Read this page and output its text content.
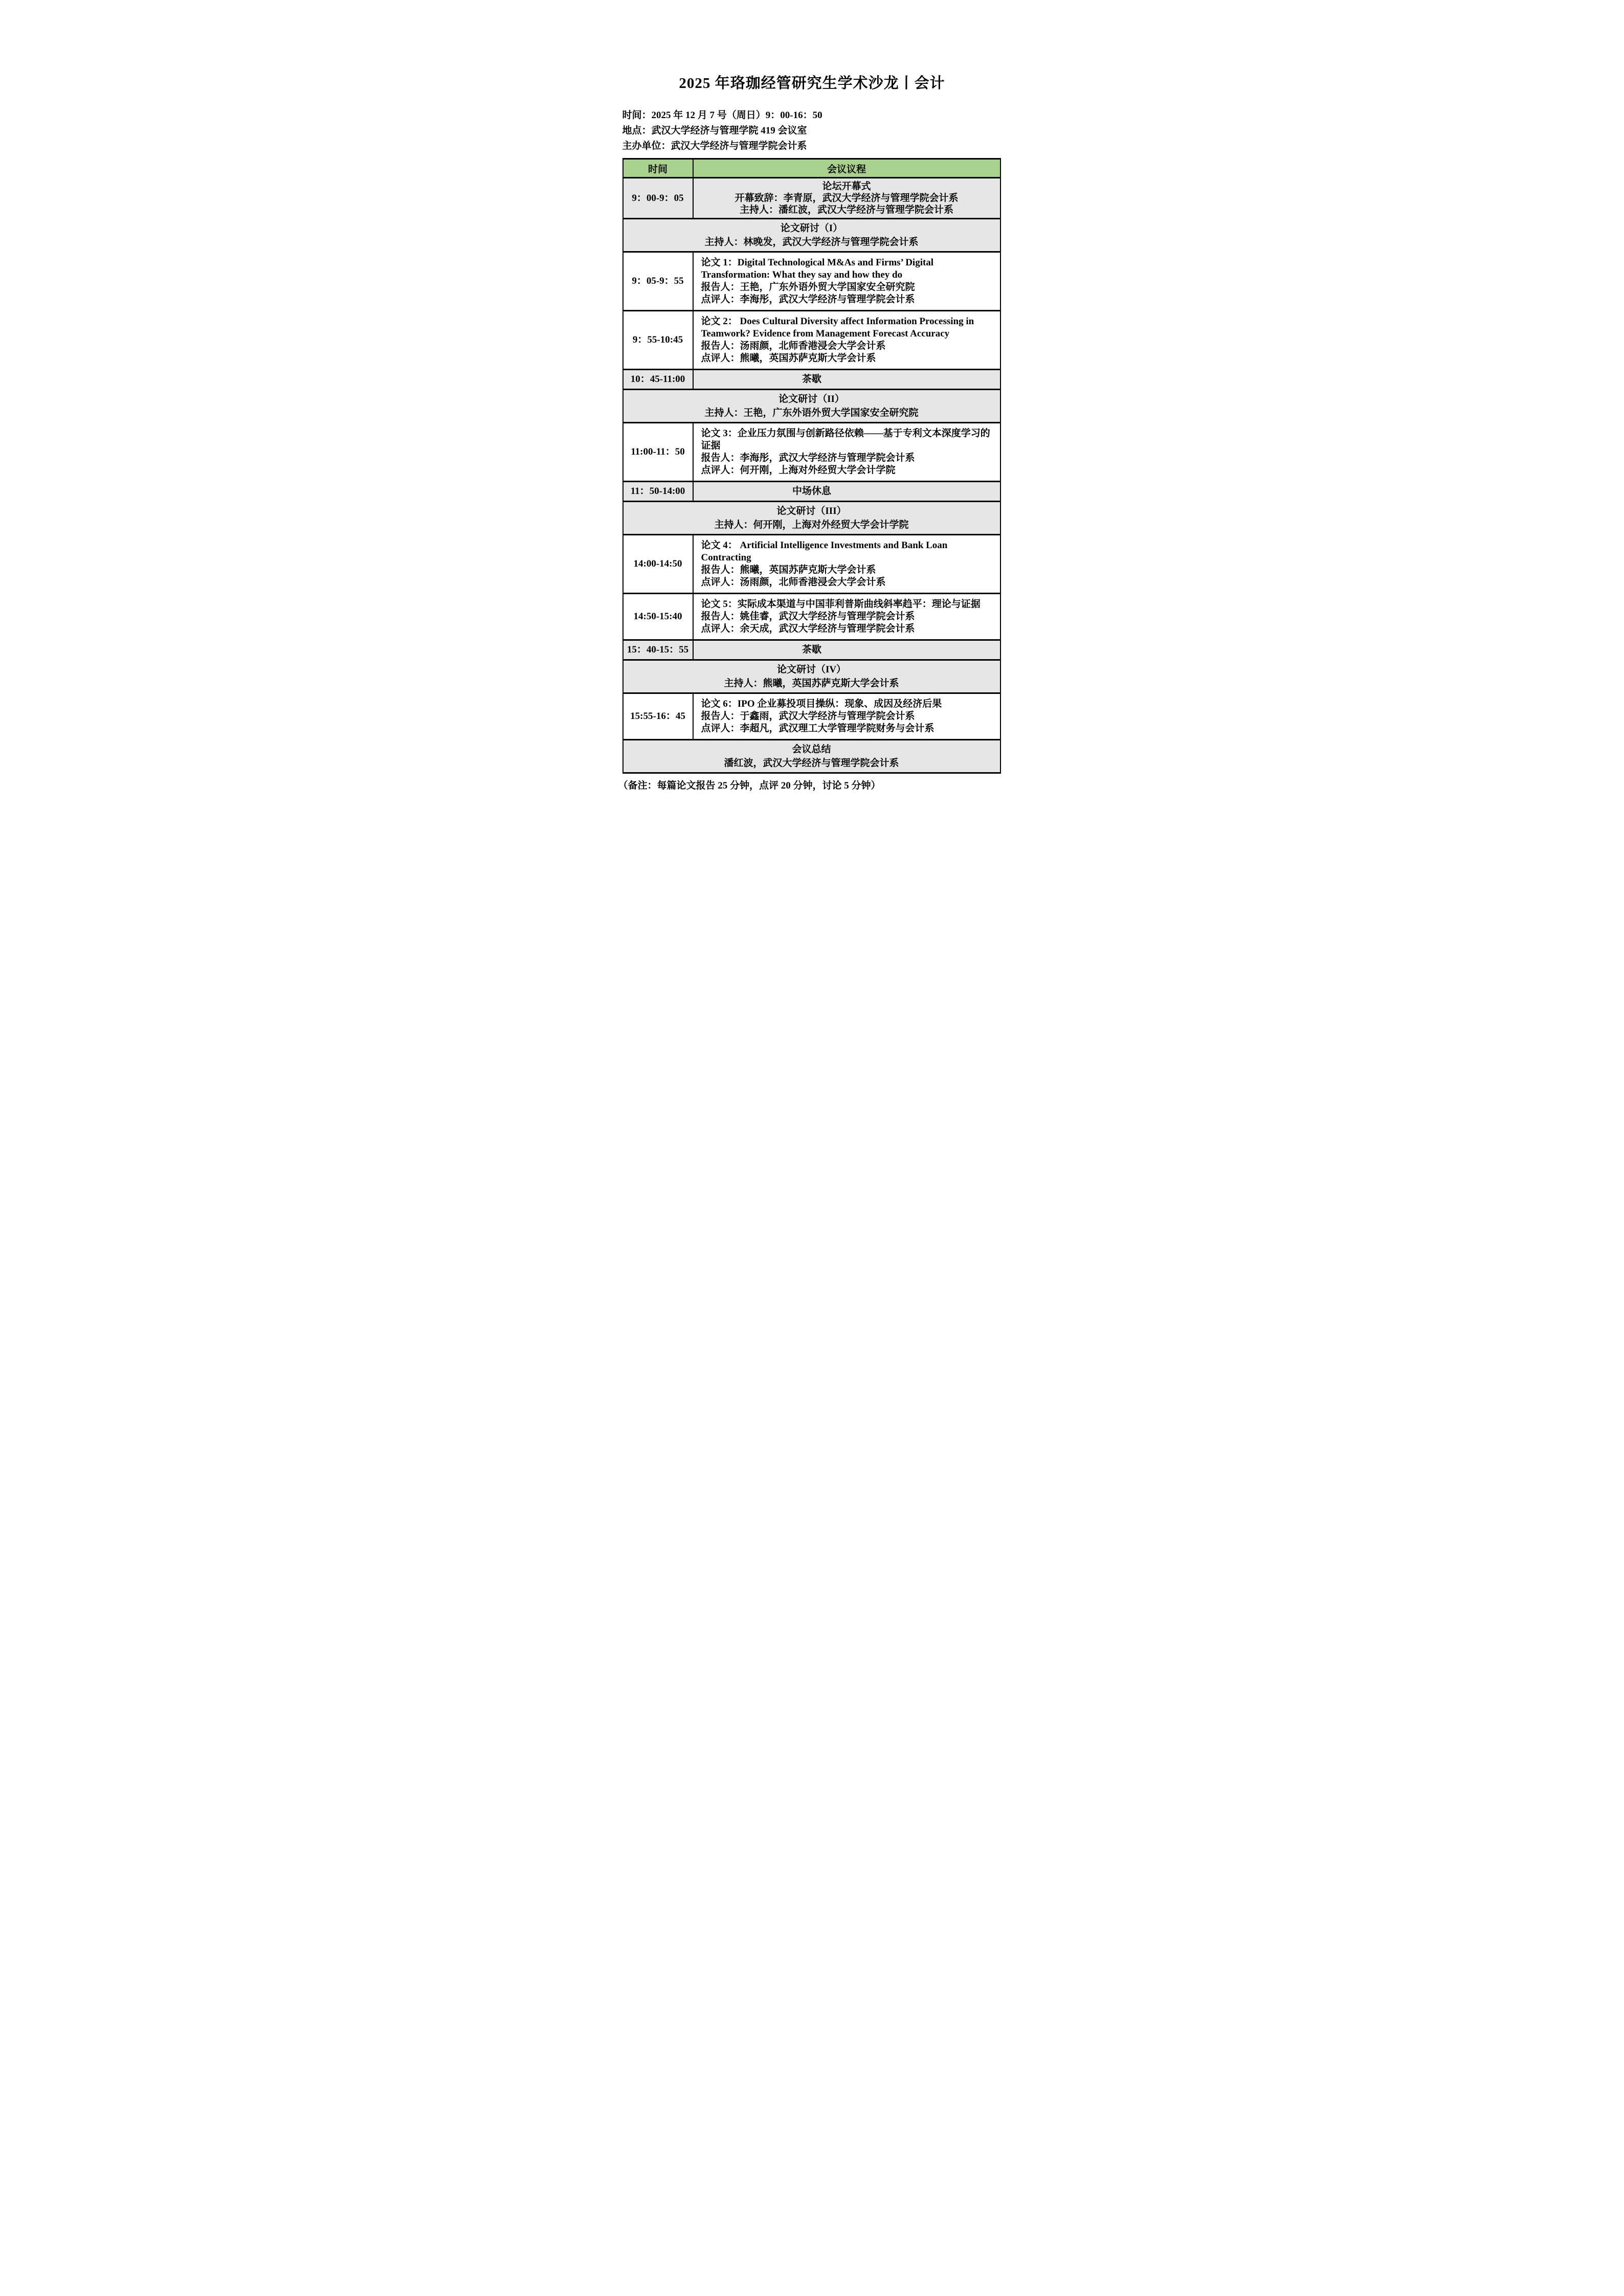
2025 年珞珈经管研究生学术沙龙丨会计
时间：2025 年 12 月 7 号（周日）9：00-16：50
地点：武汉大学经济与管理学院 419 会议室
主办单位：武汉大学经济与管理学院会计系
时间	会议议程
9：00-9：05	论坛开幕式
开幕致辞：李青原，武汉大学经济与管理学院会计系
主持人：潘红波，武汉大学经济与管理学院会计系

论文研讨（I）
主持人：林晚发，武汉大学经济与管理学院会计系	

9：05-9：55	论文 1：Digital Technological M&As and Firms’ Digital Transformation: What they say and how they do
报告人：王艳，广东外语外贸大学国家安全研究院
点评人：李海彤，武汉大学经济与管理学院会计系

9：55-10:45	论文 2： Does Cultural Diversity affect Information Processing in Teamwork? Evidence from Management Forecast Accuracy
报告人：汤雨颜，北师香港浸会大学会计系
点评人：熊曦，英国苏萨克斯大学会计系

10：45-11:00	茶歇

论文研讨（II）
主持人：王艳，广东外语外贸大学国家安全研究院	

11:00-11：50	论文 3：企业压力氛围与创新路径依赖——基于专利文本深度学习的证据
报告人：李海彤，武汉大学经济与管理学院会计系
点评人：何开刚，上海对外经贸大学会计学院

11：50-14:00	中场休息

论文研讨（III）
主持人：何开刚，上海对外经贸大学会计学院	

14:00-14:50	论文 4： Artificial Intelligence Investments and Bank Loan Contracting
报告人：熊曦，英国苏萨克斯大学会计系
点评人：汤雨颜，北师香港浸会大学会计系

14:50-15:40	论文 5：实际成本渠道与中国菲利普斯曲线斜率趋平：理论与证据
报告人：姚佳睿，武汉大学经济与管理学院会计系
点评人：余天成，武汉大学经济与管理学院会计系

15：40-15：55	茶歇

论文研讨（IV）
主持人：熊曦，英国苏萨克斯大学会计系	

15:55-16：45	论文 6：IPO 企业募投项目操纵：现象、成因及经济后果
报告人：于鑫雨，武汉大学经济与管理学院会计系
点评人：李超凡，武汉理工大学管理学院财务与会计系

会议总结
潘红波，武汉大学经济与管理学院会计系	
（备注：每篇论文报告 25 分钟，点评 20 分钟，讨论 5 分钟）
